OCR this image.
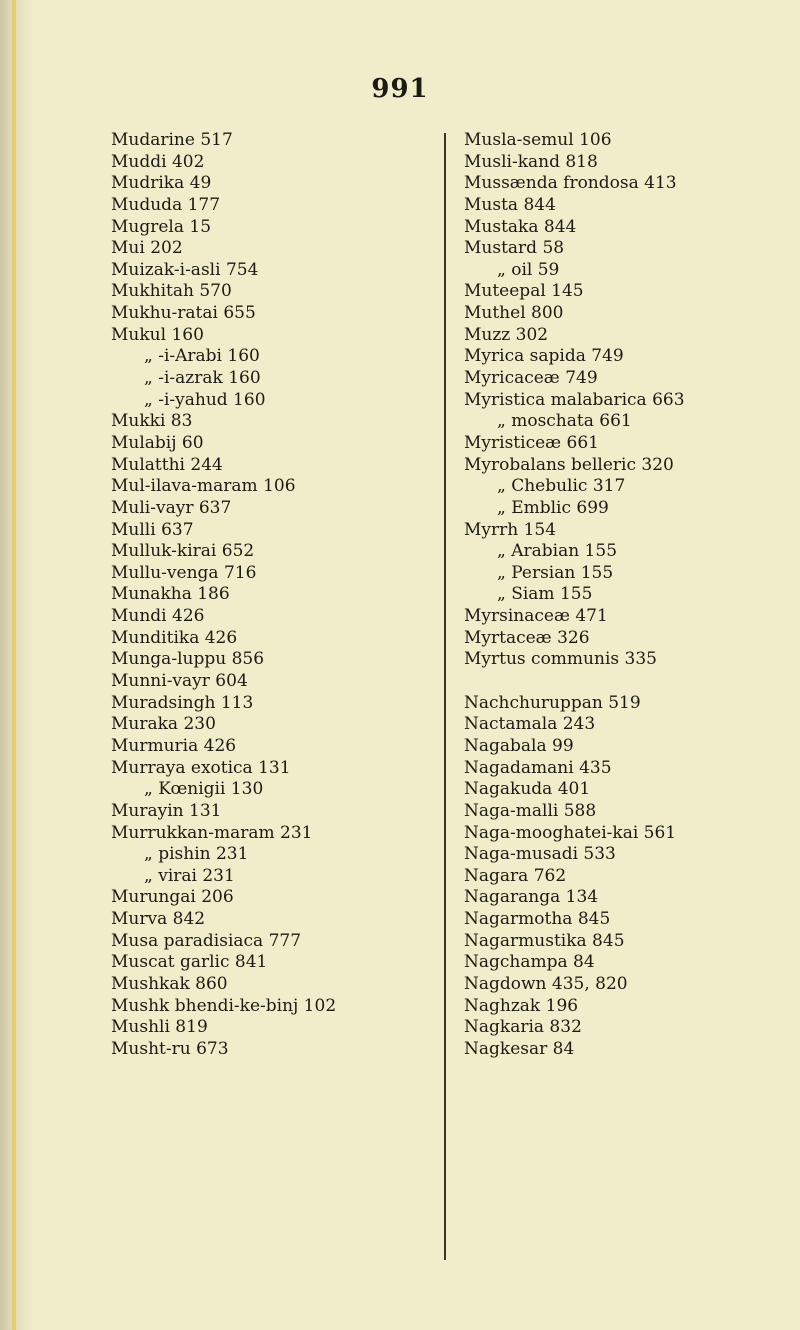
991
Mudarine 517
Muddi 402
Mudrika 49
Mududa 177
Mugrela 15
Mui 202
Muizak-i-asli 754
Mukhitah 570
Mukhu-ratai 655
Mukul 160
„ -i-Arabi 160
„ -i-azrak 160
„ -i-yahud 160
Mukki 83
Mulabij 60
Mulatthi 244
Mul-ilava-maram 106
Muli-vayr 637
Mulli 637
Mulluk-kirai 652
Mullu-venga 716
Munakha 186
Mundi 426
Munditika 426
Munga-luppu 856
Munni-vayr 604
Muradsingh 113
Muraka 230
Murmuria 426
Murraya exotica 131
„ Kœnigii 130
Murayin 131
Murrukkan-maram 231
„ pishin 231
„ virai 231
Murungai 206
Murva 842
Musa paradisiaca 777
Muscat garlic 841
Mushkak 860
Mushk bhendi-ke-binj 102
Mushli 819
Musht-ru 673
Musla-semul 106
Musli-kand 818
Mussænda frondosa 413
Musta 844
Mustaka 844
Mustard 58
„ oil 59
Muteepal 145
Muthel 800
Muzz 302
Myrica sapida 749
Myricaceæ 749
Myristica malabarica 663
„ moschata 661
Myristiceæ 661
Myrobalans belleric 320
„ Chebulic 317
„ Emblic 699
Myrrh 154
„ Arabian 155
„ Persian 155
„ Siam 155
Myrsinaceæ 471
Myrtaceæ 326
Myrtus communis 335
Nachchuruppan 519
Nactamala 243
Nagabala 99
Nagadamani 435
Nagakuda 401
Naga-malli 588
Naga-mooghatei-kai 561
Naga-musadi 533
Nagara 762
Nagaranga 134
Nagarmotha 845
Nagarmustika 845
Nagchampa 84
Nagdown 435, 820
Naghzak 196
Nagkaria 832
Nagkesar 84
